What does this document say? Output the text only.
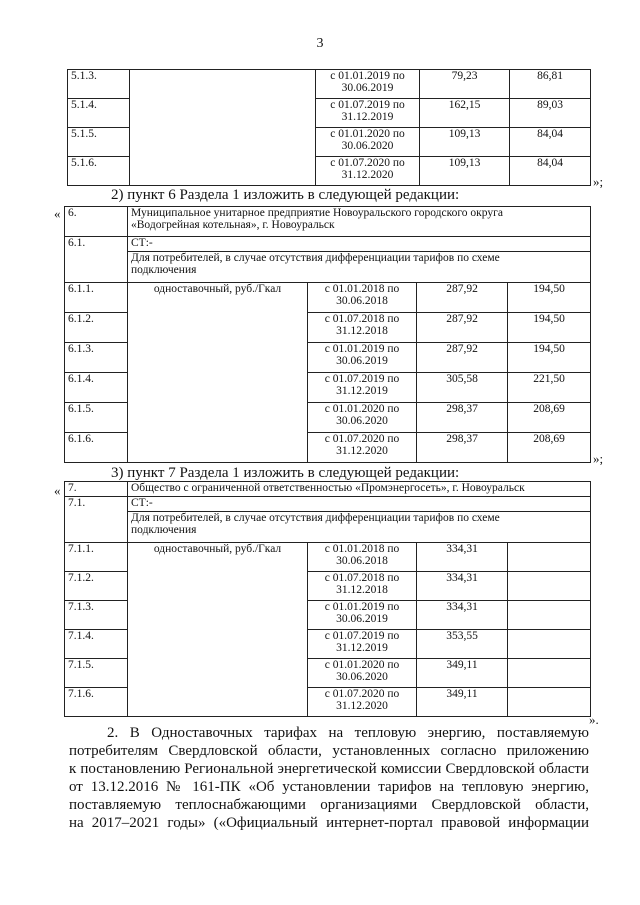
3
5.1.3.		с 01.01.2019 по
30.06.2019	79,23	86,81
5.1.4.		с 01.07.2019 по
31.12.2019	162,15	89,03
5.1.5.		с 01.01.2020 по
30.06.2020	109,13	84,04
5.1.6.		с 01.07.2020 по
31.12.2020	109,13	84,04
»;
2) пункт 6 Раздела 1 изложить в следующей редакции:
« 6.	Муниципальное унитарное предприятие Новоуральского городского округа
«Водогрейная котельная», г. Новоуральск			

6.1.	СТ:-			

	Для потребителей, в случае отсутствия дифференциации тарифов по схеме
подключения			

6.1.1.	одноставочный, руб./Гкал	с 01.01.2018 по
30.06.2018	287,92	194,50
6.1.2.		с 01.07.2018 по
31.12.2018	287,92	194,50
6.1.3.		с 01.01.2019 по
30.06.2019	287,92	194,50
6.1.4.		с 01.07.2019 по
31.12.2019	305,58	221,50
6.1.5.		с 01.01.2020 по
30.06.2020	298,37	208,69
6.1.6.		с 01.07.2020 по
31.12.2020	298,37	208,69
»;
3) пункт 7 Раздела 1 изложить в следующей редакции:
« 7.	Общество с ограниченной ответственностью «Промэнергосеть», г. Новоуральск			
7.1.	СТ:-			

	Для потребителей, в случае отсутствия дифференциации тарифов по схеме
подключения			

7.1.1.	одноставочный, руб./Гкал	с 01.01.2018 по
30.06.2018	334,31	
7.1.2.		с 01.07.2018 по
31.12.2018	334,31	
7.1.3.		с 01.01.2019 по
30.06.2019	334,31	
7.1.4.		с 01.07.2019 по
31.12.2019	353,55	
7.1.5.		с 01.01.2020 по
30.06.2020	349,11	
7.1.6.		с 01.07.2020 по
31.12.2020	349,11	
».
2. В Одноставочных тарифах на тепловую энергию, поставляемую
потребителям Свердловской области, установленных согласно приложению
к постановлению Региональной энергетической комиссии Свердловской области
от 13.12.2016 № 161-ПК «Об установлении тарифов на тепловую энергию,
поставляемую теплоснабжающими организациями Свердловской области,
на 2017–2021 годы» («Официальный интернет-портал правовой информации
